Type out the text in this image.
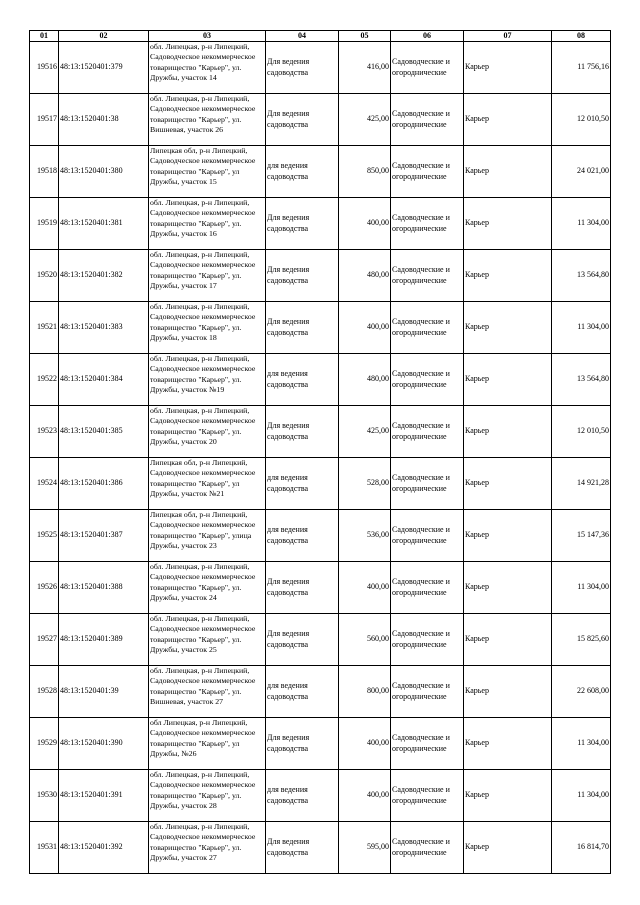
01	02	03	04	05	06	07	08
19516	48:13:1520401:379	обл. Липецкая, р-н Липецкий, Садоводческое некоммерческое товарищество "Карьер", ул. Дружбы, участок 14	Для ведения садоводства	416,00	Садоводческие и огороднические	Карьер	11 756,16
19517	48:13:1520401:38	обл. Липецкая, р-н Липецкий, Садоводческое некоммерческое товарищество "Карьер", ул. Вишневая, участок 26	Для ведения садоводства	425,00	Садоводческие и огороднические	Карьер	12 010,50
19518	48:13:1520401:380	Липецкая обл, р-н Липецкий, Садоводческое некоммерческое товарищество "Карьер", ул Дружбы, участок 15	для ведения садоводства	850,00	Садоводческие и огороднические	Карьер	24 021,00
19519	48:13:1520401:381	обл. Липецкая, р-н Липецкий, Садоводческое некоммерческое товарищество "Карьер", ул. Дружбы, участок 16	Для ведения садоводства	400,00	Садоводческие и огороднические	Карьер	11 304,00
19520	48:13:1520401:382	обл. Липецкая, р-н Липецкий, Садоводческое некоммерческое товарищество "Карьер", ул. Дружбы, участок 17	Для ведения садоводства	480,00	Садоводческие и огороднические	Карьер	13 564,80
19521	48:13:1520401:383	обл. Липецкая, р-н Липецкий, Садоводческое некоммерческое товарищество "Карьер", ул. Дружбы, участок 18	Для ведения садоводства	400,00	Садоводческие и огороднические	Карьер	11 304,00
19522	48:13:1520401:384	обл. Липецкая, р-н Липецкий, Садоводческое некоммерческое товарищество "Карьер", ул. Дружбы, участок №19	для ведения садоводства	480,00	Садоводческие и огороднические	Карьер	13 564,80
19523	48:13:1520401:385	обл. Липецкая, р-н Липецкий, Садоводческое некоммерческое товарищество "Карьер", ул. Дружбы, участок 20	Для ведения садоводства	425,00	Садоводческие и огороднические	Карьер	12 010,50
19524	48:13:1520401:386	Липецкая обл, р-н Липецкий, Садоводческое некоммерческое товарищество "Карьер", ул Дружбы, участок №21	для ведения садоводства	528,00	Садоводческие и огороднические	Карьер	14 921,28
19525	48:13:1520401:387	Липецкая обл, р-н Липецкий, Садоводческое некоммерческое товарищество "Карьер", улица Дружбы, участок 23	для ведения садоводства	536,00	Садоводческие и огороднические	Карьер	15 147,36
19526	48:13:1520401:388	обл. Липецкая, р-н Липецкий, Садоводческое некоммерческое товарищество "Карьер", ул. Дружбы, участок 24	Для ведения садоводства	400,00	Садоводческие и огороднические	Карьер	11 304,00
19527	48:13:1520401:389	обл. Липецкая, р-н Липецкий, Садоводческое некоммерческое товарищество "Карьер", ул. Дружбы, участок 25	Для ведения садоводства	560,00	Садоводческие и огороднические	Карьер	15 825,60
19528	48:13:1520401:39	обл. Липецкая, р-н Липецкий, Садоводческое некоммерческое товарищество "Карьер", ул. Вишневая, участок 27	для ведения садоводства	800,00	Садоводческие и огороднические	Карьер	22 608,00
19529	48:13:1520401:390	обл Липецкая, р-н Липецкий, Садоводческое некоммерческое товарищество "Карьер", ул Дружбы, №26	Для ведения садоводства	400,00	Садоводческие и огороднические	Карьер	11 304,00
19530	48:13:1520401:391	обл. Липецкая, р-н Липецкий, Садоводческое некоммерческое товарищество "Карьер", ул. Дружбы, участок 28	для ведения садоводства	400,00	Садоводческие и огороднические	Карьер	11 304,00
19531	48:13:1520401:392	обл. Липецкая, р-н Липецкий, Садоводческое некоммерческое товарищество "Карьер", ул. Дружбы, участок 27	Для ведения садоводства	595,00	Садоводческие и огороднические	Карьер	16 814,70
